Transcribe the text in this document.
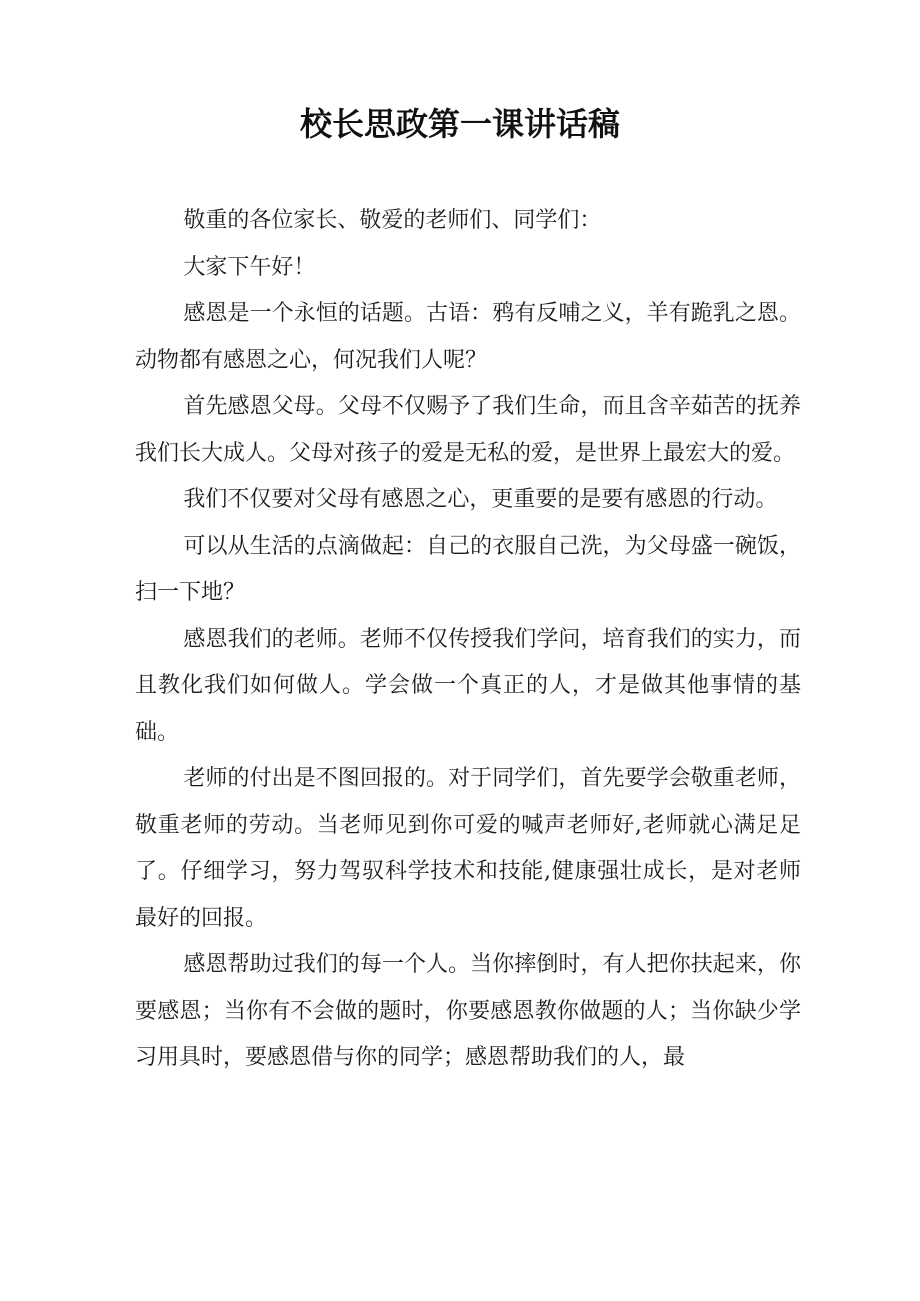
校长思政第一课讲话稿

敬重的各位家长、敬爱的老师们、同学们：

大家下午好！

感恩是一个永恒的话题。古语：鸦有反哺之义，羊有跪乳之恩。动物都有感恩之心，何况我们人呢？

首先感恩父母。父母不仅赐予了我们生命，而且含辛茹苦的抚养我们长大成人。父母对孩子的爱是无私的爱，是世界上最宏大的爱。

我们不仅要对父母有感恩之心，更重要的是要有感恩的行动。

可以从生活的点滴做起：自己的衣服自己洗，为父母盛一碗饭，扫一下地？

感恩我们的老师。老师不仅传授我们学问，培育我们的实力，而且教化我们如何做人。学会做一个真正的人，才是做其他事情的基础。

老师的付出是不图回报的。对于同学们，首先要学会敬重老师，敬重老师的劳动。当老师见到你可爱的喊声老师好,老师就心满足足了。仔细学习，努力驾驭科学技术和技能,健康强壮成长，是对老师最好的回报。

感恩帮助过我们的每一个人。当你摔倒时，有人把你扶起来，你要感恩；当你有不会做的题时，你要感恩教你做题的人；当你缺少学习用具时，要感恩借与你的同学；感恩帮助我们的人，最
